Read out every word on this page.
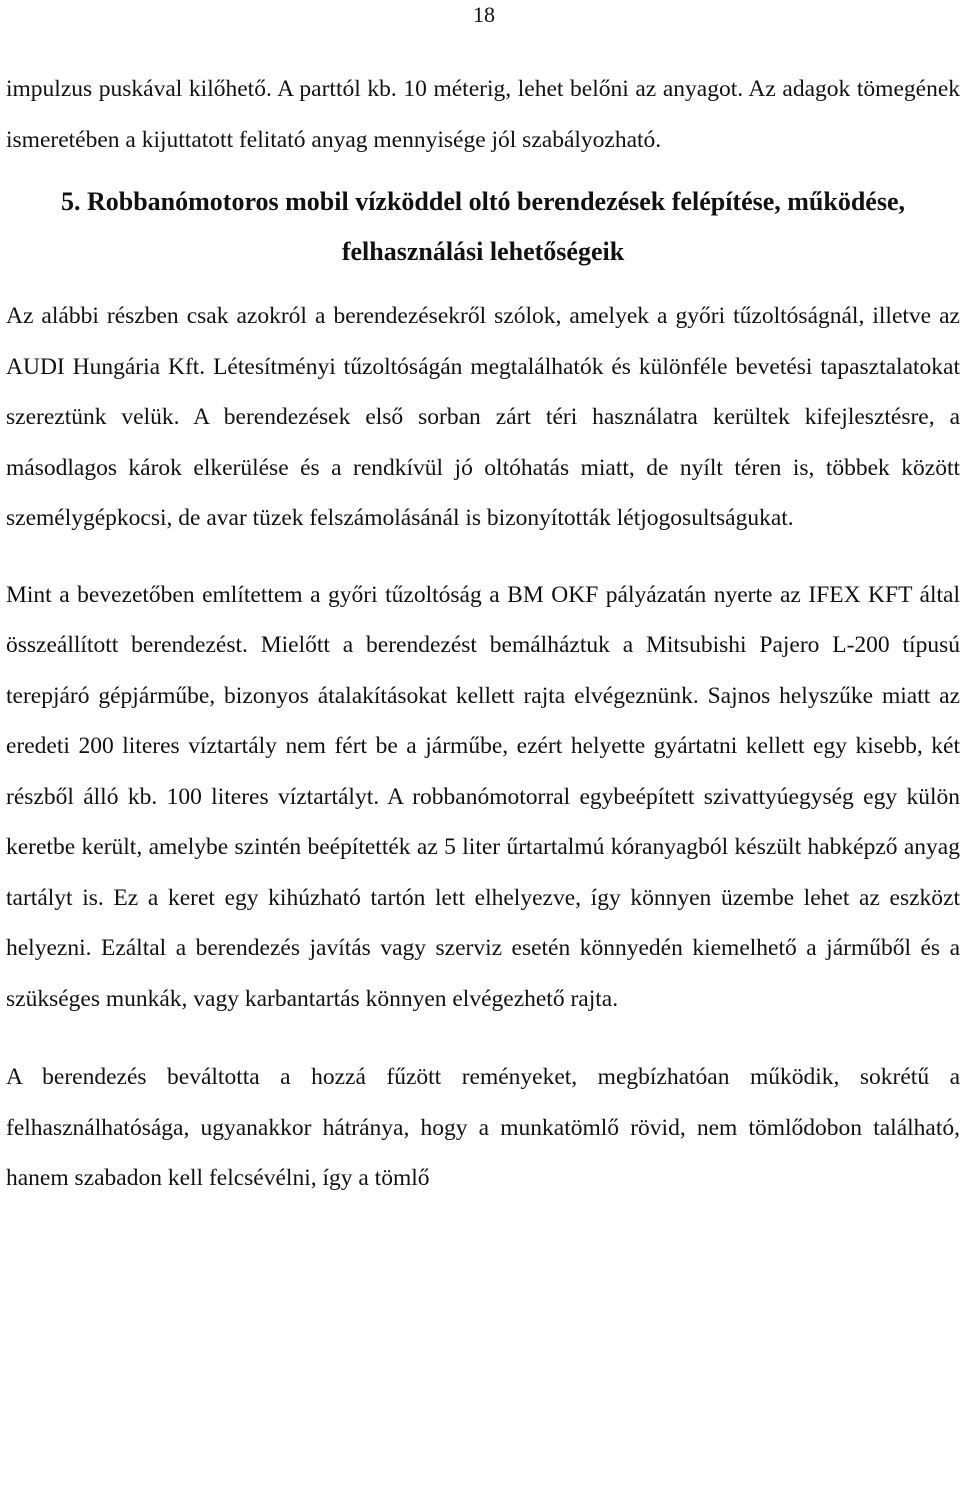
18

impulzus puskával kilőhető. A parttól kb. 10 méterig, lehet belőni az anyagot. Az adagok tömegének ismeretében a kijuttatott felitató anyag mennyisége jól szabályozható.

5. Robbanómotoros mobil vízköddel oltó berendezések felépítése, működése, felhasználási lehetőségeik

Az alábbi részben csak azokról a berendezésekről szólok, amelyek a győri tűzoltóságnál, illetve az AUDI Hungária Kft. Létesítményi tűzoltóságán megtalálhatók és különféle bevetési tapasztalatokat szereztünk velük. A berendezések első sorban zárt téri használatra kerültek kifejlesztésre, a másodlagos károk elkerülése és a rendkívül jó oltóhatás miatt, de nyílt téren is, többek között személygépkocsi, de avar tüzek felszámolásánál is bizonyították létjogosultságukat.

Mint a bevezetőben említettem a győri tűzoltóság a BM OKF pályázatán nyerte az IFEX KFT által összeállított berendezést. Mielőtt a berendezést bemálháztuk a Mitsubishi Pajero L-200 típusú terepjáró gépjárműbe, bizonyos átalakításokat kellett rajta elvégeznünk. Sajnos helyszűke miatt az eredeti 200 literes víztartály nem fért be a járműbe, ezért helyette gyártatni kellett egy kisebb, két részből álló kb. 100 literes víztartályt. A robbanómotorral egybeépített szivattyúegység egy külön keretbe került, amelybe szintén beépítették az 5 liter űrtartalmú kóranyagból készült habképző anyag tartályt is. Ez a keret egy kihúzható tartón lett elhelyezve, így könnyen üzembe lehet az eszközt helyezni. Ezáltal a berendezés javítás vagy szerviz esetén könnyedén kiemelhető a járműből és a szükséges munkák, vagy karbantartás könnyen elvégezhető rajta.

A berendezés beváltotta a hozzá fűzött reményeket, megbízhatóan működik, sokrétű a felhasználhatósága, ugyanakkor hátránya, hogy a munkatömlő rövid, nem tömlődobon található, hanem szabadon kell felcsévélni, így a tömlő
